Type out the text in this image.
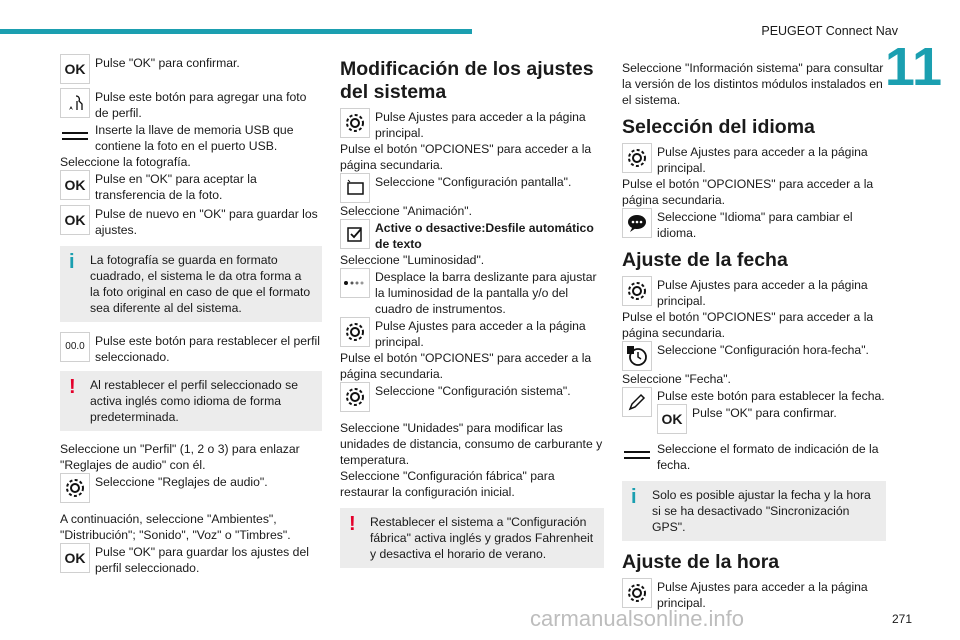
PEUGEOT Connect Nav
11
OK Pulse "OK" para confirmar.

Pulse este botón para agregar una foto de perfil.

Inserte la llave de memoria USB que contiene la foto en el puerto USB.

Seleccione la fotografía.

OK Pulse en "OK" para aceptar la transferencia de la foto.

OK Pulse de nuevo en "OK" para guardar los ajustes.

i La fotografía se guarda en formato cuadrado, el sistema le da otra forma a la foto original en caso de que el formato sea diferente al del sistema.

00.0 Pulse este botón para restablecer el perfil seleccionado.

! Al restablecer el perfil seleccionado se activa inglés como idioma de forma predeterminada.

Seleccione un "Perfil" (1, 2 o 3) para enlazar "Reglajes de audio" con él.

Seleccione "Reglajes de audio".

A continuación, seleccione "Ambientes", "Distribución"; "Sonido", "Voz" o "Timbres".

OK Pulse "OK" para guardar los ajustes del perfil seleccionado.

Modificación de los ajustes del sistema

Pulse Ajustes para acceder a la página principal.

Pulse el botón "OPCIONES" para acceder a la página secundaria.

Seleccione "Configuración pantalla".

Seleccione "Animación".

Active o desactive:Desfile automático de texto

Seleccione "Luminosidad".

Desplace la barra deslizante para ajustar la luminosidad de la pantalla y/o del cuadro de instrumentos.

Pulse Ajustes para acceder a la página principal.

Pulse el botón "OPCIONES" para acceder a la página secundaria.

Seleccione "Configuración sistema".

Seleccione "Unidades" para modificar las unidades de distancia, consumo de carburante y temperatura.

Seleccione "Configuración fábrica" para restaurar la configuración inicial.

! Restablecer el sistema a "Configuración fábrica" activa inglés y grados Fahrenheit y desactiva el horario de verano.

Seleccione "Información sistema" para consultar la versión de los distintos módulos instalados en el sistema.

Selección del idioma

Pulse Ajustes para acceder a la página principal.

Pulse el botón "OPCIONES" para acceder a la página secundaria.

Seleccione "Idioma" para cambiar el idioma.

Ajuste de la fecha

Pulse Ajustes para acceder a la página principal.

Pulse el botón "OPCIONES" para acceder a la página secundaria.

Seleccione "Configuración hora-fecha".

Seleccione "Fecha".

Pulse este botón para establecer la fecha.

OK Pulse "OK" para confirmar.

Seleccione el formato de indicación de la fecha.

i Solo es posible ajustar la fecha y la hora si se ha desactivado "Sincronización GPS".

Ajuste de la hora

Pulse Ajustes para acceder a la página principal.

carmanualsonline.info	271
